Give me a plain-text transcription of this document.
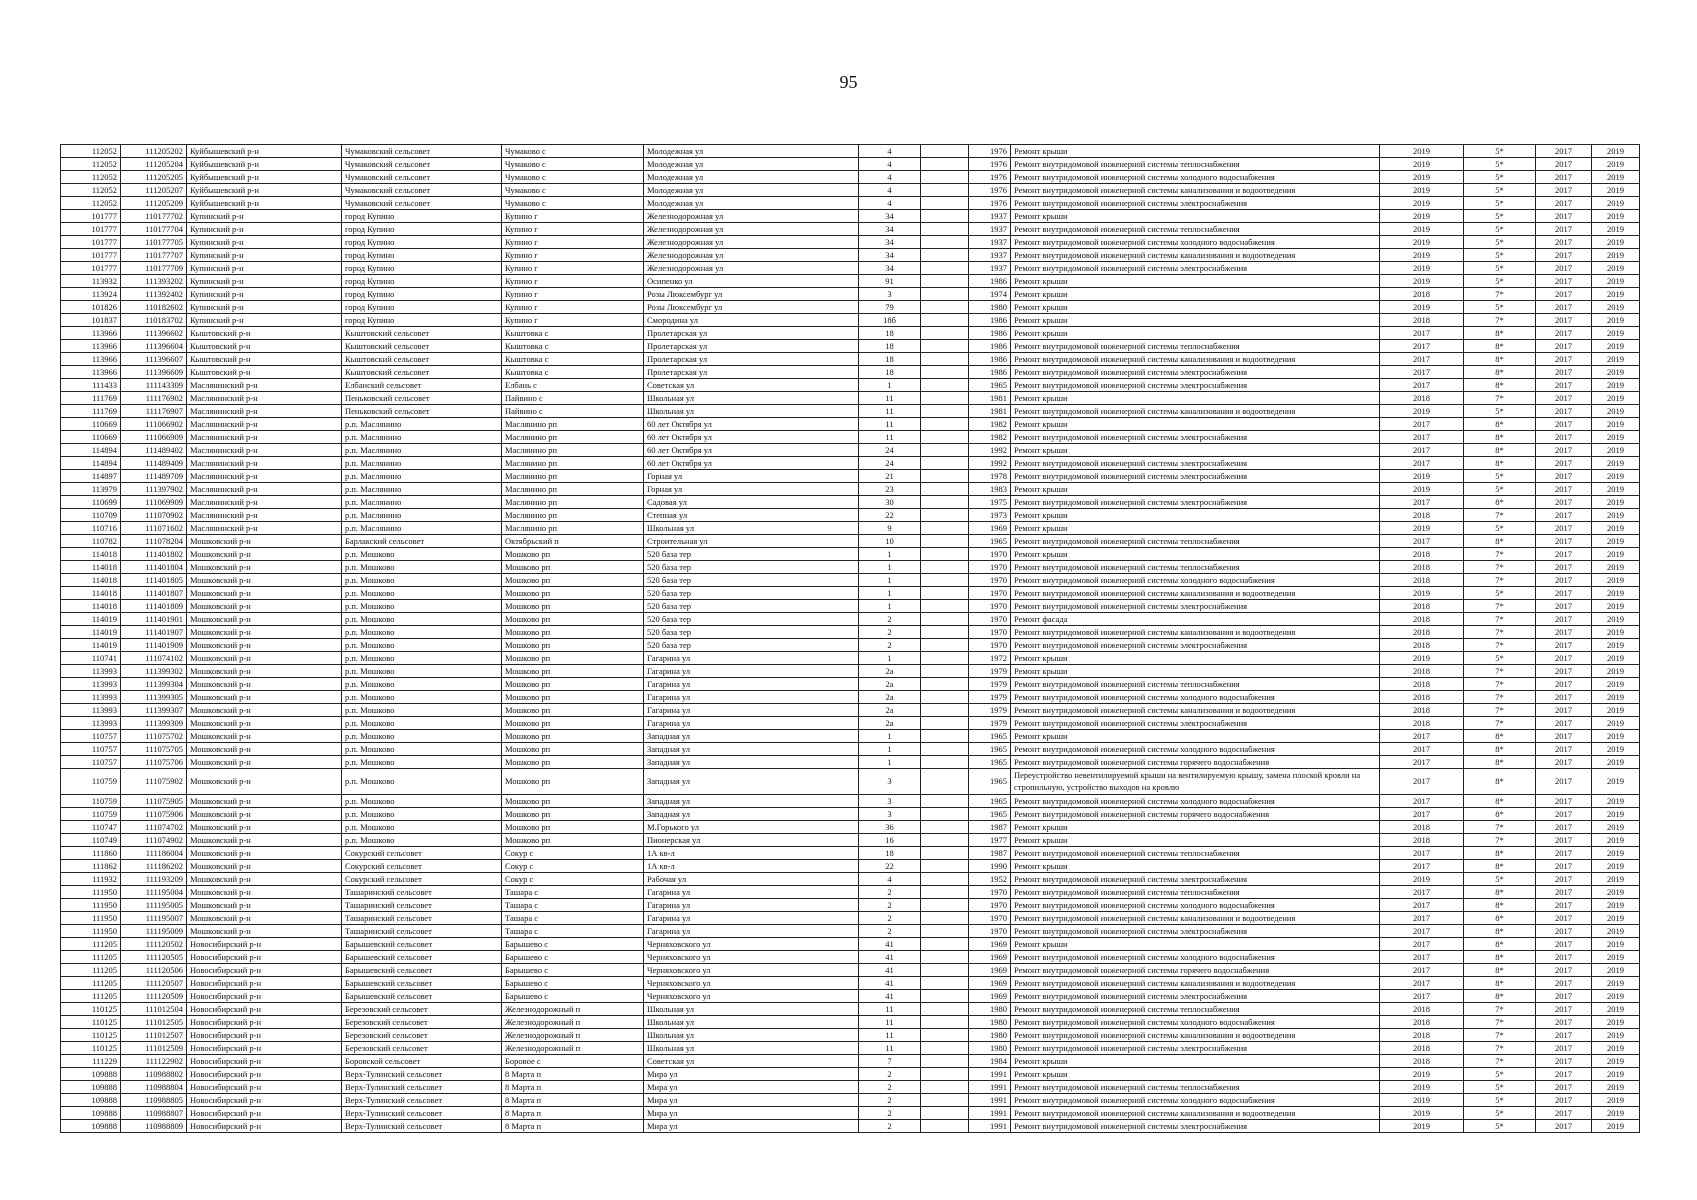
95
112052	111205202	Куйбышевский р-н	Чумаковский сельсовет	Чумаково с	Молодежная ул	4		1976	Ремонт крыши	2019	5*	2017	2019
112052	111205204	Куйбышевский р-н	Чумаковский сельсовет	Чумаково с	Молодежная ул	4		1976	Ремонт внутридомовой инженерной системы теплоснабжения	2019	5*	2017	2019
112052	111205205	Куйбышевский р-н	Чумаковский сельсовет	Чумаково с	Молодежная ул	4		1976	Ремонт внутридомовой инженерной системы холодного водоснабжения	2019	5*	2017	2019
112052	111205207	Куйбышевский р-н	Чумаковский сельсовет	Чумаково с	Молодежная ул	4		1976	Ремонт внутридомовой инженерной системы канализования и водоотведения	2019	5*	2017	2019
112052	111205209	Куйбышевский р-н	Чумаковский сельсовет	Чумаково с	Молодежная ул	4		1976	Ремонт внутридомовой инженерной системы электроснабжения	2019	5*	2017	2019
101777	110177702	Купинский р-н	город Купино	Купино г	Железнодорожная ул	34		1937	Ремонт крыши	2019	5*	2017	2019
101777	110177704	Купинский р-н	город Купино	Купино г	Железнодорожная ул	34		1937	Ремонт внутридомовой инженерной системы теплоснабжения	2019	5*	2017	2019
101777	110177705	Купинский р-н	город Купино	Купино г	Железнодорожная ул	34		1937	Ремонт внутридомовой инженерной системы холодного водоснабжения	2019	5*	2017	2019
101777	110177707	Купинский р-н	город Купино	Купино г	Железнодорожная ул	34		1937	Ремонт внутридомовой инженерной системы канализования и водоотведения	2019	5*	2017	2019
101777	110177709	Купинский р-н	город Купино	Купино г	Железнодорожная ул	34		1937	Ремонт внутридомовой инженерной системы электроснабжения	2019	5*	2017	2019
113932	111393202	Купинский р-н	город Купино	Купино г	Осипенко ул	91		1986	Ремонт крыши	2019	5*	2017	2019
113924	111392402	Купинский р-н	город Купино	Купино г	Розы Люксембург ул	3		1974	Ремонт крыши	2018	7*	2017	2019
101826	110182602	Купинский р-н	город Купино	Купино г	Розы Люксембург ул	79		1980	Ремонт крыши	2019	5*	2017	2019
101837	110183702	Купинский р-н	город Купино	Купино г	Смородина ул	18б		1986	Ремонт крыши	2018	7*	2017	2019
113966	111396602	Кыштовский р-н	Кыштовский сельсовет	Кыштовка с	Пролетарская ул	18		1986	Ремонт крыши	2017	8*	2017	2019
113966	111396604	Кыштовский р-н	Кыштовский сельсовет	Кыштовка с	Пролетарская ул	18		1986	Ремонт внутридомовой инженерной системы теплоснабжения	2017	8*	2017	2019
113966	111396607	Кыштовский р-н	Кыштовский сельсовет	Кыштовка с	Пролетарская ул	18		1986	Ремонт внутридомовой инженерной системы канализования и водоотведения	2017	8*	2017	2019
113966	111396609	Кыштовский р-н	Кыштовский сельсовет	Кыштовка с	Пролетарская ул	18		1986	Ремонт внутридомовой инженерной системы электроснабжения	2017	8*	2017	2019
111433	111143309	Маслянинский р-н	Елбанский сельсовет	Елбань с	Советская ул	1		1965	Ремонт внутридомовой инженерной системы электроснабжения	2017	8*	2017	2019
111769	111176902	Маслянинский р-н	Пеньковский сельсовет	Пайвино с	Школьная ул	11		1981	Ремонт крыши	2018	7*	2017	2019
111769	111176907	Маслянинский р-н	Пеньковский сельсовет	Пайвино с	Школьная ул	11		1981	Ремонт внутридомовой инженерной системы канализования и водоотведения	2019	5*	2017	2019
110669	111066902	Маслянинский р-н	р.п. Маслянино	Маслянино рп	60 лет Октября ул	11		1982	Ремонт крыши	2017	8*	2017	2019
110669	111066909	Маслянинский р-н	р.п. Маслянино	Маслянино рп	60 лет Октября ул	11		1982	Ремонт внутридомовой инженерной системы электроснабжения	2017	8*	2017	2019
114894	111489402	Маслянинский р-н	р.п. Маслянино	Маслянино рп	60 лет Октября ул	24		1992	Ремонт крыши	2017	8*	2017	2019
114894	111489409	Маслянинский р-н	р.п. Маслянино	Маслянино рп	60 лет Октября ул	24		1992	Ремонт внутридомовой инженерной системы электроснабжения	2017	8*	2017	2019
114897	111489709	Маслянинский р-н	р.п. Маслянино	Маслянино рп	Горная ул	21		1978	Ремонт внутридомовой инженерной системы электроснабжения	2019	5*	2017	2019
113979	111397902	Маслянинский р-н	р.п. Маслянино	Маслянино рп	Горная ул	23		1983	Ремонт крыши	2019	5*	2017	2019
110699	111069909	Маслянинский р-н	р.п. Маслянино	Маслянино рп	Садовая ул	30		1975	Ремонт внутридомовой инженерной системы электроснабжения	2017	8*	2017	2019
110709	111070902	Маслянинский р-н	р.п. Маслянино	Маслянино рп	Степная ул	22		1973	Ремонт крыши	2018	7*	2017	2019
110716	111071602	Маслянинский р-н	р.п. Маслянино	Маслянино рп	Школьная ул	9		1969	Ремонт крыши	2019	5*	2017	2019
110782	111078204	Мошковский р-н	Барлакский сельсовет	Октябрьский п	Строительная ул	10		1965	Ремонт внутридомовой инженерной системы теплоснабжения	2017	8*	2017	2019
114018	111401802	Мошковский р-н	р.п. Мошково	Мошково рп	520 база тер	1		1970	Ремонт крыши	2018	7*	2017	2019
114018	111401804	Мошковский р-н	р.п. Мошково	Мошково рп	520 база тер	1		1970	Ремонт внутридомовой инженерной системы теплоснабжения	2018	7*	2017	2019
114018	111401805	Мошковский р-н	р.п. Мошково	Мошково рп	520 база тер	1		1970	Ремонт внутридомовой инженерной системы холодного водоснабжения	2018	7*	2017	2019
114018	111401807	Мошковский р-н	р.п. Мошково	Мошково рп	520 база тер	1		1970	Ремонт внутридомовой инженерной системы канализования и водоотведения	2019	5*	2017	2019
114018	111401809	Мошковский р-н	р.п. Мошково	Мошково рп	520 база тер	1		1970	Ремонт внутридомовой инженерной системы электроснабжения	2018	7*	2017	2019
114019	111401901	Мошковский р-н	р.п. Мошково	Мошково рп	520 база тер	2		1970	Ремонт фасада	2018	7*	2017	2019
114019	111401907	Мошковский р-н	р.п. Мошково	Мошково рп	520 база тер	2		1970	Ремонт внутридомовой инженерной системы канализования и водоотведения	2018	7*	2017	2019
114019	111401909	Мошковский р-н	р.п. Мошково	Мошково рп	520 база тер	2		1970	Ремонт внутридомовой инженерной системы электроснабжения	2018	7*	2017	2019
110741	111074102	Мошковский р-н	р.п. Мошково	Мошково рп	Гагарина ул	1		1972	Ремонт крыши	2019	5*	2017	2019
113993	111399302	Мошковский р-н	р.п. Мошково	Мошково рп	Гагарина ул	2а		1979	Ремонт крыши	2018	7*	2017	2019
113993	111399304	Мошковский р-н	р.п. Мошково	Мошково рп	Гагарина ул	2а		1979	Ремонт внутридомовой инженерной системы теплоснабжения	2018	7*	2017	2019
113993	111399305	Мошковский р-н	р.п. Мошково	Мошково рп	Гагарина ул	2а		1979	Ремонт внутридомовой инженерной системы холодного водоснабжения	2018	7*	2017	2019
113993	111399307	Мошковский р-н	р.п. Мошково	Мошково рп	Гагарина ул	2а		1979	Ремонт внутридомовой инженерной системы канализования и водоотведения	2018	7*	2017	2019
113993	111399309	Мошковский р-н	р.п. Мошково	Мошково рп	Гагарина ул	2а		1979	Ремонт внутридомовой инженерной системы электроснабжения	2018	7*	2017	2019
110757	111075702	Мошковский р-н	р.п. Мошково	Мошково рп	Западная ул	1		1965	Ремонт крыши	2017	8*	2017	2019
110757	111075705	Мошковский р-н	р.п. Мошково	Мошково рп	Западная ул	1		1965	Ремонт внутридомовой инженерной системы холодного водоснабжения	2017	8*	2017	2019
110757	111075706	Мошковский р-н	р.п. Мошково	Мошково рп	Западная ул	1		1965	Ремонт внутридомовой инженерной системы горячего водоснабжения	2017	8*	2017	2019
110759	111075902	Мошковский р-н	р.п. Мошково	Мошково рп	Западная ул	3		1965	Переустройство невентилируемой крыши на вентилируемую крышу, замена плоской кровли на стропильную, устройство выходов на кровлю	2017	8*	2017	2019
110759	111075905	Мошковский р-н	р.п. Мошково	Мошково рп	Западная ул	3		1965	Ремонт внутридомовой инженерной системы холодного водоснабжения	2017	8*	2017	2019
110759	111075906	Мошковский р-н	р.п. Мошково	Мошково рп	Западная ул	3		1965	Ремонт внутридомовой инженерной системы горячего водоснабжения	2017	8*	2017	2019
110747	111074702	Мошковский р-н	р.п. Мошково	Мошково рп	М.Горького ул	36		1987	Ремонт крыши	2018	7*	2017	2019
110749	111074902	Мошковский р-н	р.п. Мошково	Мошково рп	Пионерская ул	16		1977	Ремонт крыши	2018	7*	2017	2019
111860	111186004	Мошковский р-н	Сокурский сельсовет	Сокур с	1А кв-л	18		1987	Ремонт внутридомовой инженерной системы теплоснабжения	2017	8*	2017	2019
111862	111186202	Мошковский р-н	Сокурский сельсовет	Сокур с	1А кв-л	22		1990	Ремонт крыши	2017	8*	2017	2019
111932	111193209	Мошковский р-н	Сокурский сельсовет	Сокур с	Рабочая ул	4		1952	Ремонт внутридомовой инженерной системы электроснабжения	2019	5*	2017	2019
111950	111195004	Мошковский р-н	Ташаринский сельсовет	Ташара с	Гагарина ул	2		1970	Ремонт внутридомовой инженерной системы теплоснабжения	2017	8*	2017	2019
111950	111195005	Мошковский р-н	Ташаринский сельсовет	Ташара с	Гагарина ул	2		1970	Ремонт внутридомовой инженерной системы холодного водоснабжения	2017	8*	2017	2019
111950	111195007	Мошковский р-н	Ташаринский сельсовет	Ташара с	Гагарина ул	2		1970	Ремонт внутридомовой инженерной системы канализования и водоотведения	2017	8*	2017	2019
111950	111195009	Мошковский р-н	Ташаринский сельсовет	Ташара с	Гагарина ул	2		1970	Ремонт внутридомовой инженерной системы электроснабжения	2017	8*	2017	2019
111205	111120502	Новосибирский р-н	Барышевский сельсовет	Барышево с	Черняховского ул	41		1969	Ремонт крыши	2017	8*	2017	2019
111205	111120505	Новосибирский р-н	Барышевский сельсовет	Барышево с	Черняховского ул	41		1969	Ремонт внутридомовой инженерной системы холодного водоснабжения	2017	8*	2017	2019
111205	111120506	Новосибирский р-н	Барышевский сельсовет	Барышево с	Черняховского ул	41		1969	Ремонт внутридомовой инженерной системы горячего водоснабжения	2017	8*	2017	2019
111205	111120507	Новосибирский р-н	Барышевский сельсовет	Барышево с	Черняховского ул	41		1969	Ремонт внутридомовой инженерной системы канализования и водоотведения	2017	8*	2017	2019
111205	111120509	Новосибирский р-н	Барышевский сельсовет	Барышево с	Черняховского ул	41		1969	Ремонт внутридомовой инженерной системы электроснабжения	2017	8*	2017	2019
110125	111012504	Новосибирский р-н	Березовский сельсовет	Железнодорожный п	Школьная ул	11		1980	Ремонт внутридомовой инженерной системы теплоснабжения	2018	7*	2017	2019
110125	111012505	Новосибирский р-н	Березовский сельсовет	Железнодорожный п	Школьная ул	11		1980	Ремонт внутридомовой инженерной системы холодного водоснабжения	2018	7*	2017	2019
110125	111012507	Новосибирский р-н	Березовский сельсовет	Железнодорожный п	Школьная ул	11		1980	Ремонт внутридомовой инженерной системы канализования и водоотведения	2018	7*	2017	2019
110125	111012509	Новосибирский р-н	Березовский сельсовет	Железнодорожный п	Школьная ул	11		1980	Ремонт внутридомовой инженерной системы электроснабжения	2018	7*	2017	2019
111229	111122902	Новосибирский р-н	Боровской сельсовет	Боровое с	Советская ул	7		1984	Ремонт крыши	2018	7*	2017	2019
109888	110988802	Новосибирский р-н	Верх-Тулинский сельсовет	8 Марта п	Мира ул	2		1991	Ремонт крыши	2019	5*	2017	2019
109888	110988804	Новосибирский р-н	Верх-Тулинский сельсовет	8 Марта п	Мира ул	2		1991	Ремонт внутридомовой инженерной системы теплоснабжения	2019	5*	2017	2019
109888	110988805	Новосибирский р-н	Верх-Тулинский сельсовет	8 Марта п	Мира ул	2		1991	Ремонт внутридомовой инженерной системы холодного водоснабжения	2019	5*	2017	2019
109888	110988807	Новосибирский р-н	Верх-Тулинский сельсовет	8 Марта п	Мира ул	2		1991	Ремонт внутридомовой инженерной системы канализования и водоотведения	2019	5*	2017	2019
109888	110988809	Новосибирский р-н	Верх-Тулинский сельсовет	8 Марта п	Мира ул	2		1991	Ремонт внутридомовой инженерной системы электроснабжения	2019	5*	2017	2019
